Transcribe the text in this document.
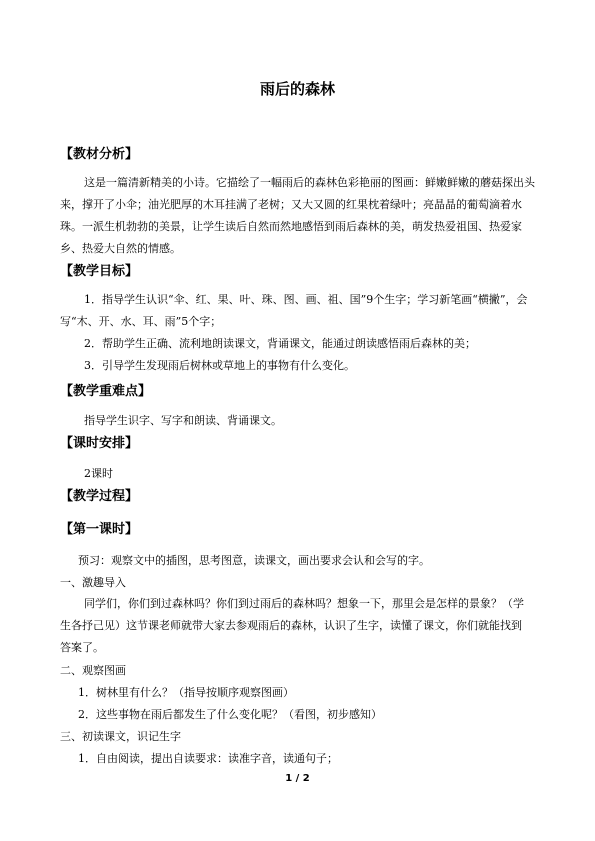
雨后的森林
【教材分析】
这是一篇清新精美的小诗。它描绘了一幅雨后的森林色彩艳丽的图画：鲜嫩鲜嫩的蘑菇探出头来，撑开了小伞；油光肥厚的木耳挂满了老树；又大又圆的红果枕着绿叶；亮晶晶的葡萄滴着水珠。一派生机勃勃的美景，让学生读后自然而然地感悟到雨后森林的美，萌发热爱祖国、热爱家乡、热爱大自然的情感。
【教学目标】
1．指导学生认识“伞、红、果、叶、珠、图、画、祖、国”9个生字；学习新笔画“横撇”，会写“木、开、水、耳、雨”5个字；
2．帮助学生正确、流利地朗读课文，背诵课文，能通过朗读感悟雨后森林的美；
3．引导学生发现雨后树林或草地上的事物有什么变化。
【教学重难点】
指导学生识字、写字和朗读、背诵课文。
【课时安排】
2课时
【教学过程】
【第一课时】
预习：观察文中的插图，思考图意，读课文，画出要求会认和会写的字。
一、激趣导入
同学们，你们到过森林吗？你们到过雨后的森林吗？想象一下，那里会是怎样的景象？（学生各抒己见）这节课老师就带大家去参观雨后的森林，认识了生字，读懂了课文，你们就能找到答案了。
二、观察图画
1．树林里有什么？（指导按顺序观察图画）
2．这些事物在雨后都发生了什么变化呢？（看图，初步感知）
三、初读课文，识记生字
1．自由阅读，提出自读要求：读准字音，读通句子；
1 / 2
